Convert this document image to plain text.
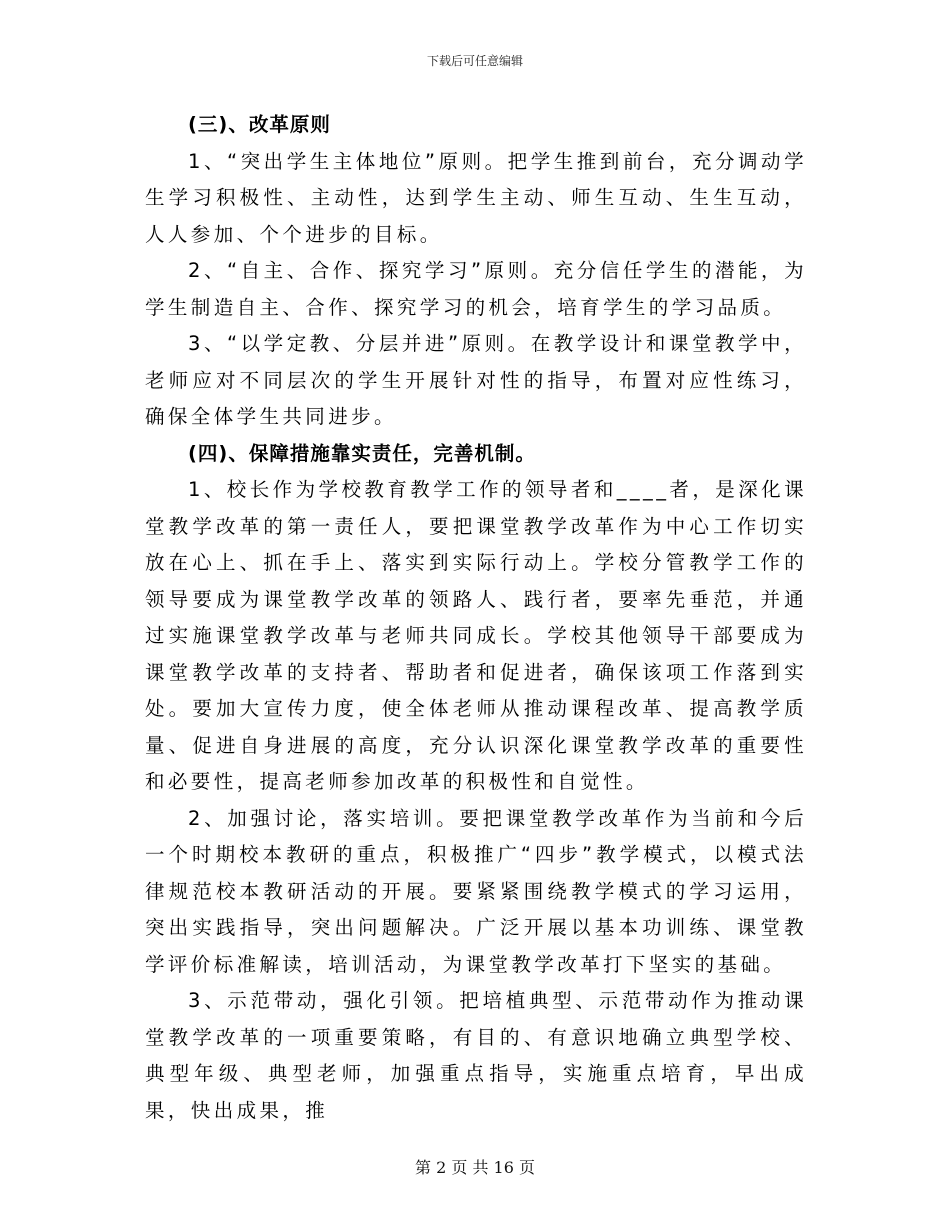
下载后可任意编辑

(三)、改革原则

1、“突出学生主体地位”原则。把学生推到前台，充分调动学生学习积极性、主动性，达到学生主动、师生互动、生生互动，人人参加、个个进步的目标。

2、“自主、合作、探究学习”原则。充分信任学生的潜能，为学生制造自主、合作、探究学习的机会，培育学生的学习品质。

3、“以学定教、分层并进”原则。在教学设计和课堂教学中，老师应对不同层次的学生开展针对性的指导，布置对应性练习，确保全体学生共同进步。

(四)、保障措施靠实责任，完善机制。

1、校长作为学校教育教学工作的领导者和____者，是深化课堂教学改革的第一责任人，要把课堂教学改革作为中心工作切实放在心上、抓在手上、落实到实际行动上。学校分管教学工作的领导要成为课堂教学改革的领路人、践行者，要率先垂范，并通过实施课堂教学改革与老师共同成长。学校其他领导干部要成为课堂教学改革的支持者、帮助者和促进者，确保该项工作落到实处。要加大宣传力度，使全体老师从推动课程改革、提高教学质量、促进自身进展的高度，充分认识深化课堂教学改革的重要性和必要性，提高老师参加改革的积极性和自觉性。

2、加强讨论，落实培训。要把课堂教学改革作为当前和今后一个时期校本教研的重点，积极推广“四步”教学模式，以模式法律规范校本教研活动的开展。要紧紧围绕教学模式的学习运用，突出实践指导，突出问题解决。广泛开展以基本功训练、课堂教学评价标准解读，培训活动，为课堂教学改革打下坚实的基础。

3、示范带动，强化引领。把培植典型、示范带动作为推动课堂教学改革的一项重要策略，有目的、有意识地确立典型学校、典型年级、典型老师，加强重点指导，实施重点培育，早出成果，快出成果，推

第 2 页 共 16 页
